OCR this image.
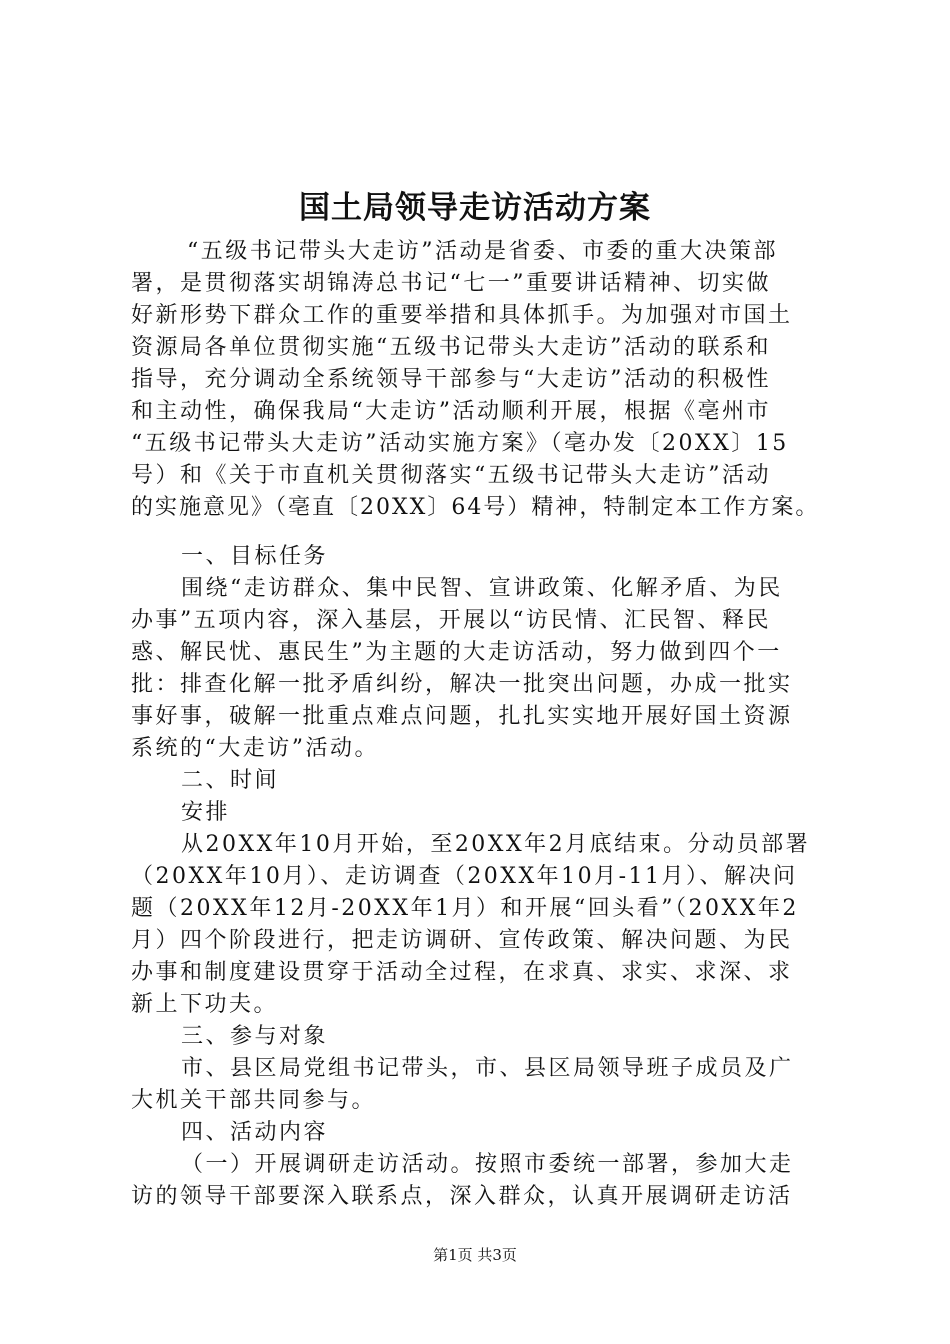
国土局领导走访活动方案
“五级书记带头大走访”活动是省委、市委的重大决策部
署，是贯彻落实胡锦涛总书记“七一”重要讲话精神、切实做
好新形势下群众工作的重要举措和具体抓手。为加强对市国土
资源局各单位贯彻实施“五级书记带头大走访”活动的联系和
指导，充分调动全系统领导干部参与“大走访”活动的积极性
和主动性，确保我局“大走访”活动顺利开展，根据《亳州市
“五级书记带头大走访”活动实施方案》（亳办发〔20XX〕15
号）和《关于市直机关贯彻落实“五级书记带头大走访”活动
的实施意见》（亳直〔20XX〕64号）精神，特制定本工作方案。
一、目标任务
围绕“走访群众、集中民智、宣讲政策、化解矛盾、为民
办事”五项内容，深入基层，开展以“访民情、汇民智、释民
惑、解民忧、惠民生”为主题的大走访活动，努力做到四个一
批：排查化解一批矛盾纠纷，解决一批突出问题，办成一批实
事好事，破解一批重点难点问题，扎扎实实地开展好国土资源
系统的“大走访”活动。
二、时间
安排
从20XX年10月开始，至20XX年2月底结束。分动员部署
（20XX年10月）、走访调查（20XX年10月-11月）、解决问
题（20XX年12月-20XX年1月）和开展“回头看”（20XX年2
月）四个阶段进行，把走访调研、宣传政策、解决问题、为民
办事和制度建设贯穿于活动全过程，在求真、求实、求深、求
新上下功夫。
三、参与对象
市、县区局党组书记带头，市、县区局领导班子成员及广
大机关干部共同参与。
四、活动内容
（一）开展调研走访活动。按照市委统一部署，参加大走
访的领导干部要深入联系点，深入群众，认真开展调研走访活
第1页 共3页
